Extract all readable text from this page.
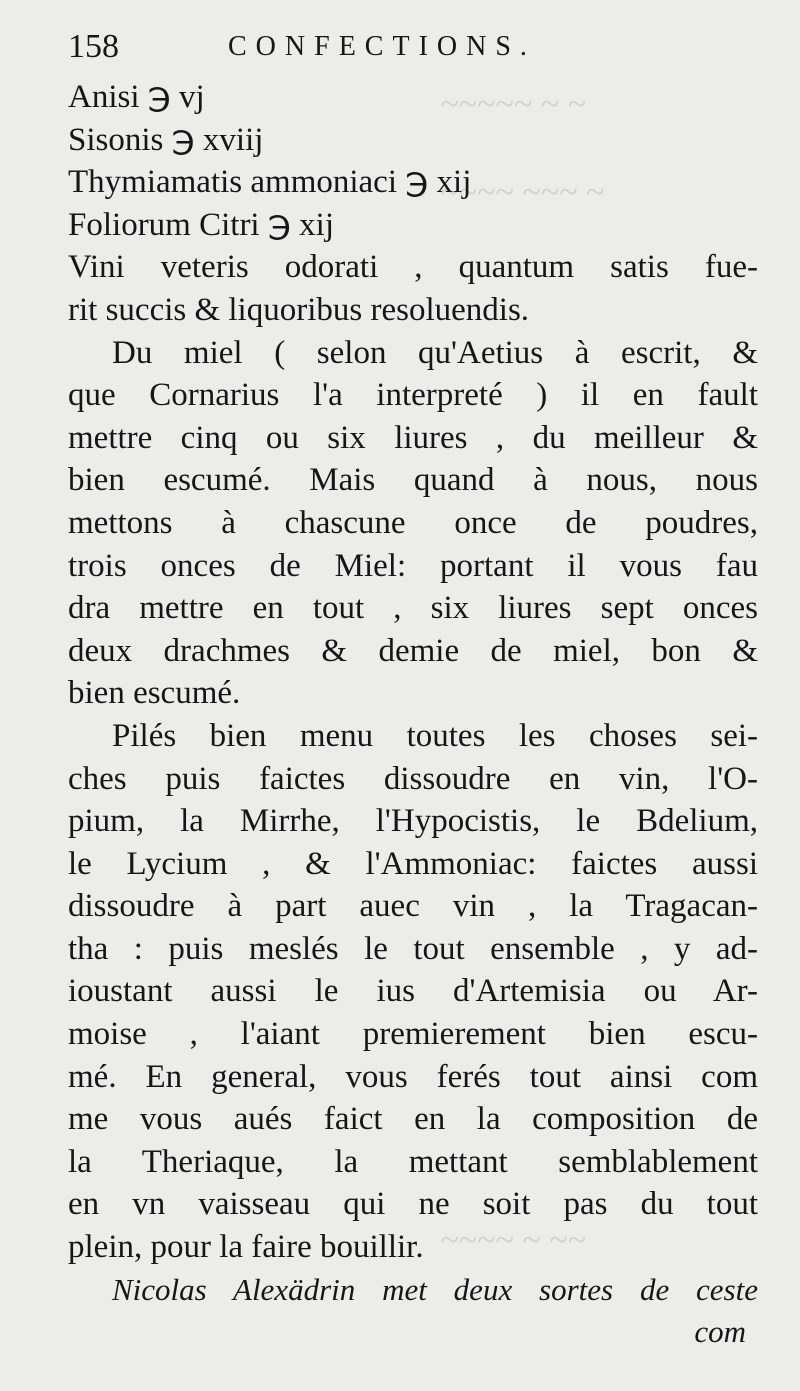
~~~~~ ~ ~
~~~~ ~~~ ~
~~~~ ~ ~~
158	CONFECTIONS.
Anisi ℈ vj
Sisonis ℈ xviij
Thymiamatis ammoniaci ℈ xij
Foliorum Citri ℈ xij
Vini veteris odorati , quantum satis fue-
rit succis & liquoribus resoluendis.
Du miel ( selon qu'Aetius à escrit, &
que Cornarius l'a interpreté ) il en fault
mettre cinq ou six liures , du meilleur &
bien escumé. Mais quand à nous, nous
mettons à chascune once de poudres,
trois onces de Miel: portant il vous fau
dra mettre en tout , six liures sept onces
deux drachmes & demie de miel, bon &
bien escumé.
Pilés bien menu toutes les choses sei-
ches puis faictes dissoudre en vin, l'O-
pium, la Mirrhe, l'Hypocistis, le Bdelium,
le Lycium , & l'Ammoniac: faictes aussi
dissoudre à part auec vin , la Tragacan-
tha : puis meslés le tout ensemble , y ad-
ioustant aussi le ius d'Artemisia ou Ar-
moise , l'aiant premierement bien escu-
mé. En general, vous ferés tout ainsi com
me vous aués faict en la composition de
la Theriaque, la mettant semblablement
en vn vaisseau qui ne soit pas du tout
plein, pour la faire bouillir.
Nicolas Alexädrin met deux sortes de ceste
com
